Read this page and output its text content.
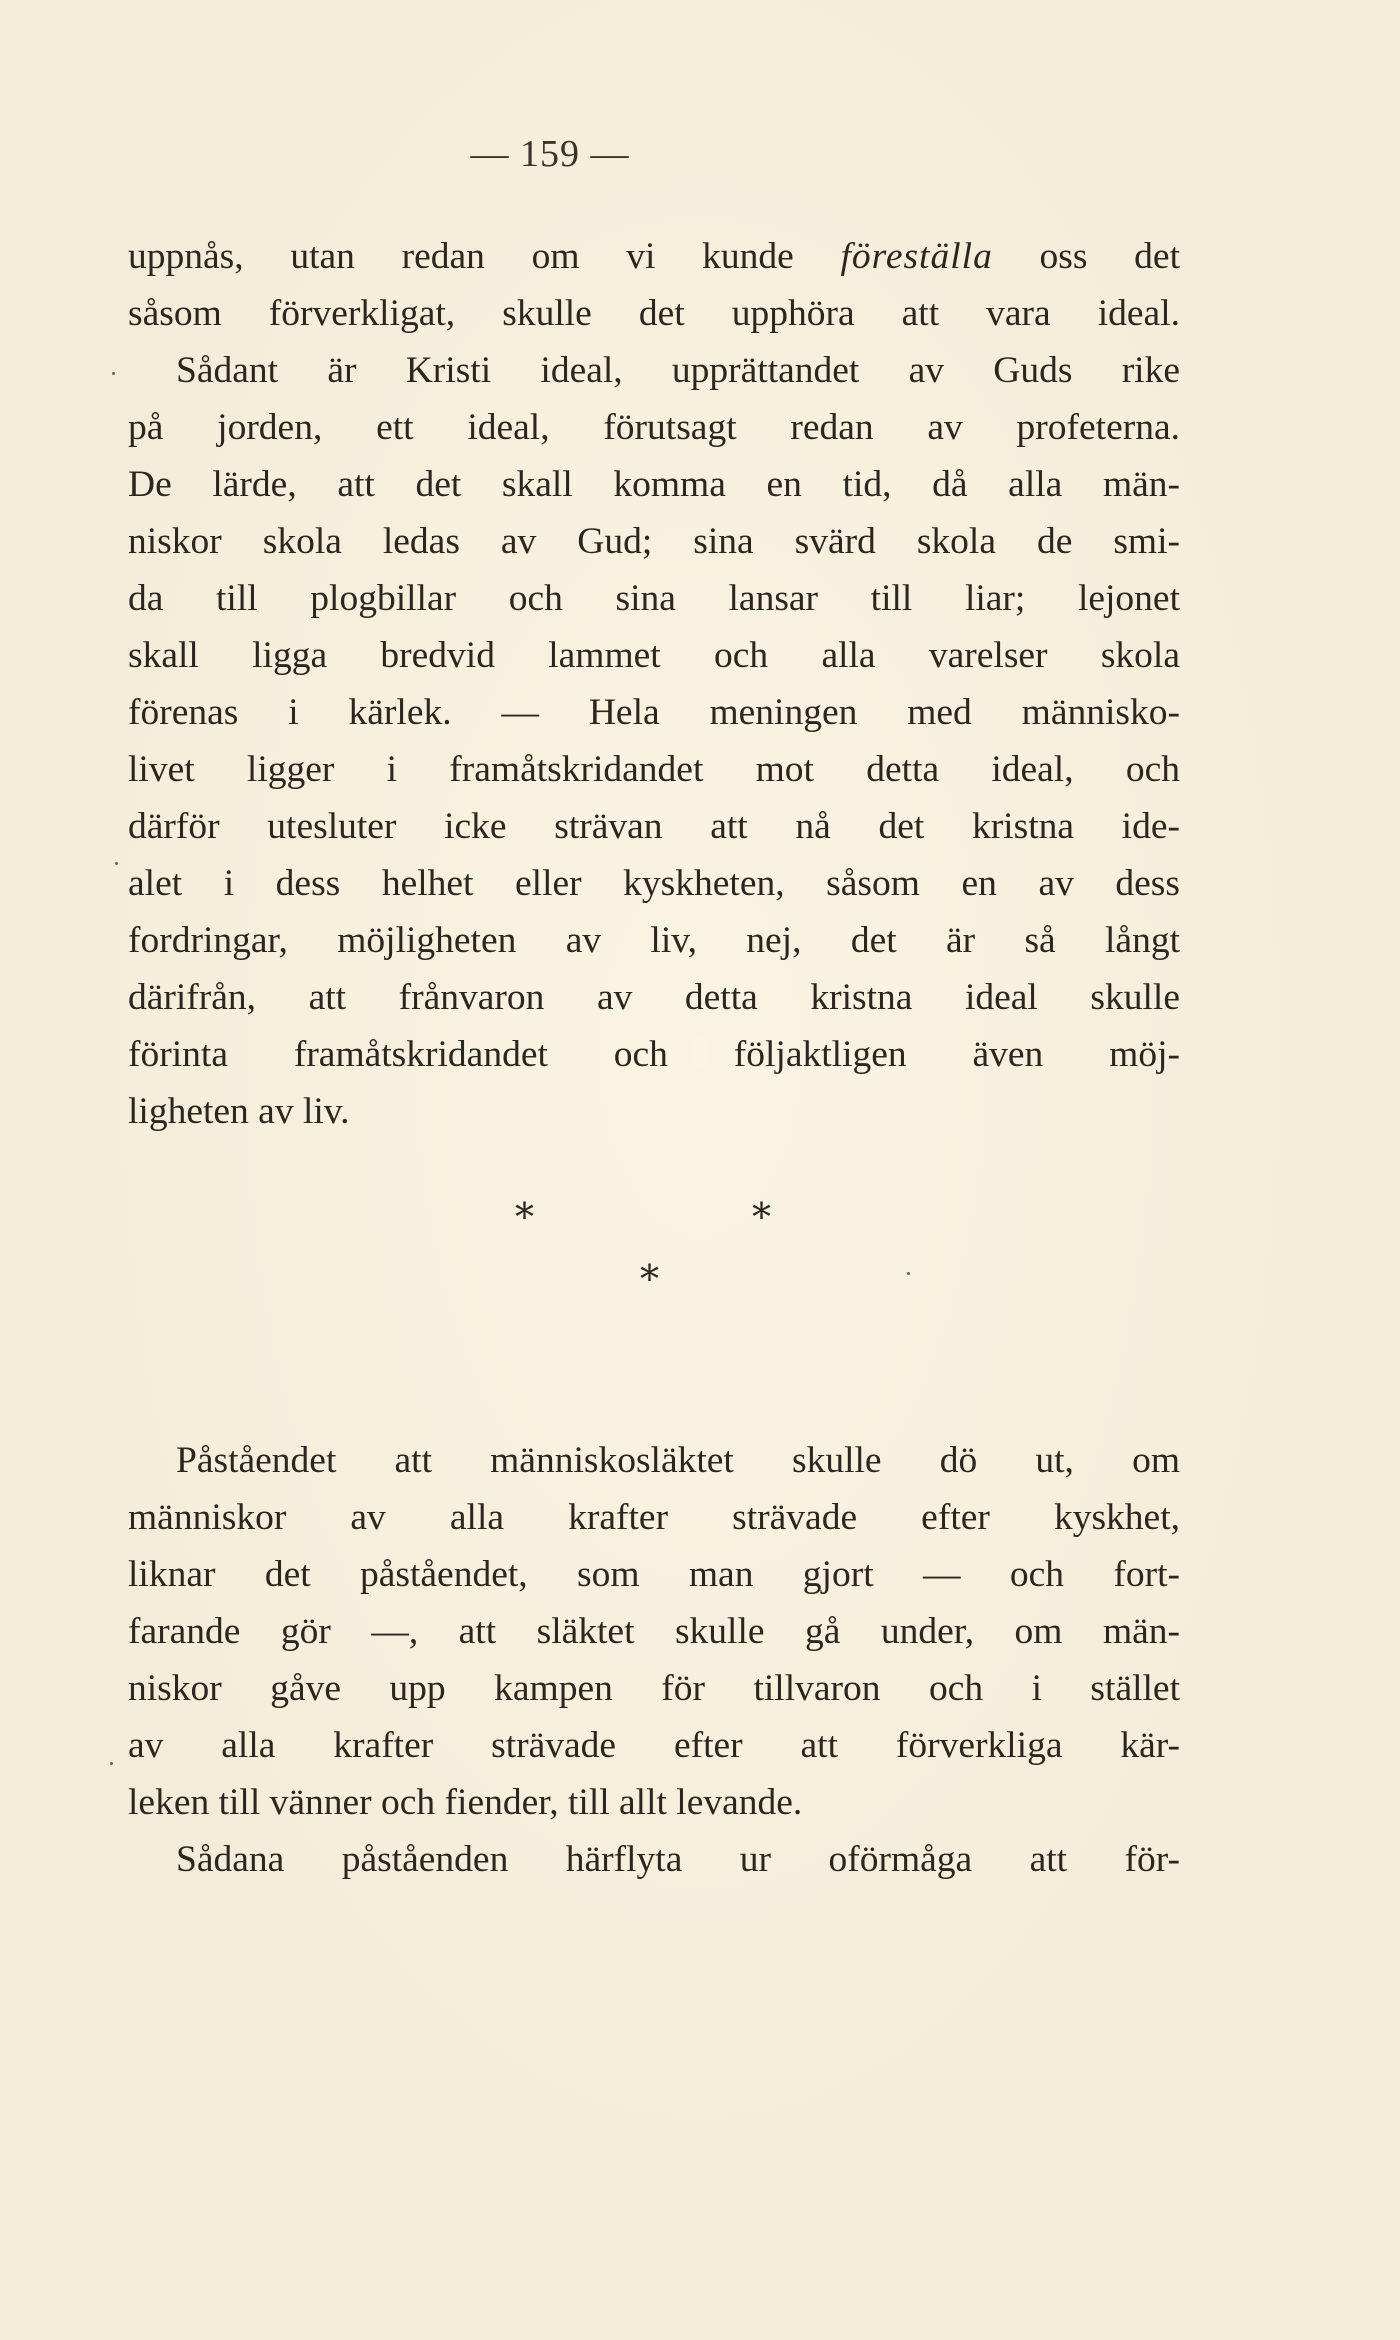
— 159 —
uppnås, utan redan om vi kunde föreställa oss det
såsom förverkligat, skulle det upphöra att vara ideal.
Sådant är Kristi ideal, upprättandet av Guds rike
på jorden, ett ideal, förutsagt redan av profeterna.
De lärde, att det skall komma en tid, då alla män-
niskor skola ledas av Gud; sina svärd skola de smi-
da till plogbillar och sina lansar till liar; lejonet
skall ligga bredvid lammet och alla varelser skola
förenas i kärlek. — Hela meningen med människo-
livet ligger i framåtskridandet mot detta ideal, och
därför utesluter icke strävan att nå det kristna ide-
alet i dess helhet eller kyskheten, såsom en av dess
fordringar, möjligheten av liv, nej, det är så långt
därifrån, att frånvaron av detta kristna ideal skulle
förinta framåtskridandet och följaktligen även möj-
ligheten av liv.
*	*
*
Påståendet att människosläktet skulle dö ut, om
människor av alla krafter strävade efter kyskhet,
liknar det påståendet, som man gjort — och fort-
farande gör —, att släktet skulle gå under, om män-
niskor gåve upp kampen för tillvaron och i stället
av alla krafter strävade efter att förverkliga kär-
leken till vänner och fiender, till allt levande.
Sådana påståenden härflyta ur oförmåga att för-
